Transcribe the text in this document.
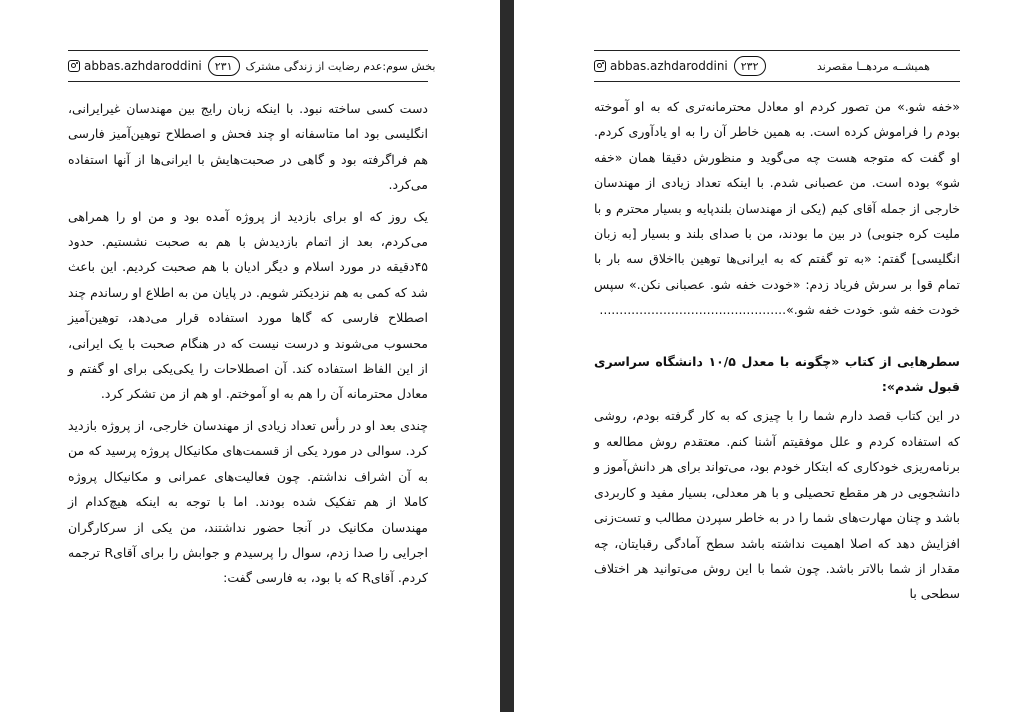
abbas.azhdaroddini	۲۳۱	بخش سوم:عدم رضایت از زندگی مشترک

دست کسی ساخته نبود. با اینکه زبان رایج بین مهندسان غیرایرانی، انگلیسی بود اما متاسفانه او چند فحش و اصطلاح توهین‌آمیز فارسی هم فراگرفته بود و گاهی در صحبت‌هایش با ایرانی‌ها از آنها استفاده می‌کرد.

یک روز که او برای بازدید از پروژه آمده بود و من او را همراهی می‌کردم، بعد از اتمام بازدیدش با هم به صحبت نشستیم. حدود ۴۵دقیقه در مورد اسلام و دیگر ادیان با هم صحبت کردیم. این باعث شد که کمی به هم نزدیکتر شویم. در پایان من به اطلاع او رساندم چند اصطلاح فارسی که گاها مورد استفاده قرار می‌دهد، توهین‌آمیز محسوب می‌شوند و درست نیست که در هنگام صحبت با یک ایرانی، از این الفاظ استفاده کند. آن اصطلاحات را یکی‌یکی برای او گفتم و معادل محترمانه آن را هم به او آموختم. او هم از من تشکر کرد.

چندی بعد او در رأس تعداد زیادی از مهندسان خارجی، از پروژه بازدید کرد. سوالی در مورد یکی از قسمت‌های مکانیکال پروژه پرسید که من به آن اشراف نداشتم. چون فعالیت‌های عمرانی و مکانیکال پروژه کاملا از هم تفکیک شده بودند. اما با توجه به اینکه هیچ‌کدام از مهندسان مکانیک در آنجا حضور نداشتند، من یکی از سرکارگران اجرایی را صدا زدم، سوال را پرسیدم و جوابش را برای آقایR ترجمه کردم. آقایR که با بود، به فارسی گفت:

abbas.azhdaroddini	۲۳۲	همیشــه مردهــا مقصرند

«خفه شو.» من تصور کردم او معادل محترمانه‌تری که به او آموخته بودم را فراموش کرده است. به همین خاطر آن را به او یادآوری کردم. او گفت که متوجه هست چه می‌گوید و منظورش دقیقا همان «خفه شو» بوده است. من عصبانی شدم. با اینکه تعداد زیادی از مهندسان خارجی از جمله آقای کیم (یکی از مهندسان بلندپایه و بسیار محترم و با ملیت کره جنوبی) در بین ما بودند، من با صدای بلند و بسیار [به زبان انگلیسی] گفتم: «به تو گفتم که به ایرانی‌ها توهین بااخلاق سه بار با تمام قوا بر سرش فریاد زدم: «خودت خفه شو. عصبانی نکن.» سپس خودت خفه شو. خودت خفه شو.»...............................................

سطرهایی از کتاب «چگونه با معدل ۱۰/۵ دانشگاه سراسری قبول شدم»:

در این کتاب قصد دارم شما را با چیزی که به کار گرفته بودم، روشی که استفاده کردم و علل موفقیتم آشنا کنم. معتقدم روش مطالعه و برنامه‌ریزی خودکاری که ابتکار خودم بود، می‌تواند برای هر دانش‌آموز و دانشجویی در هر مقطع تحصیلی و با هر معدلی، بسیار مفید و کاربردی باشد و چنان مهارت‌های شما را در به خاطر سپردن مطالب و تست‌زنی افزایش دهد که اصلا اهمیت نداشته باشد سطح آمادگی رقبایتان، چه مقدار از شما بالاتر باشد. چون شما با این روش می‌توانید هر اختلاف سطحی با
